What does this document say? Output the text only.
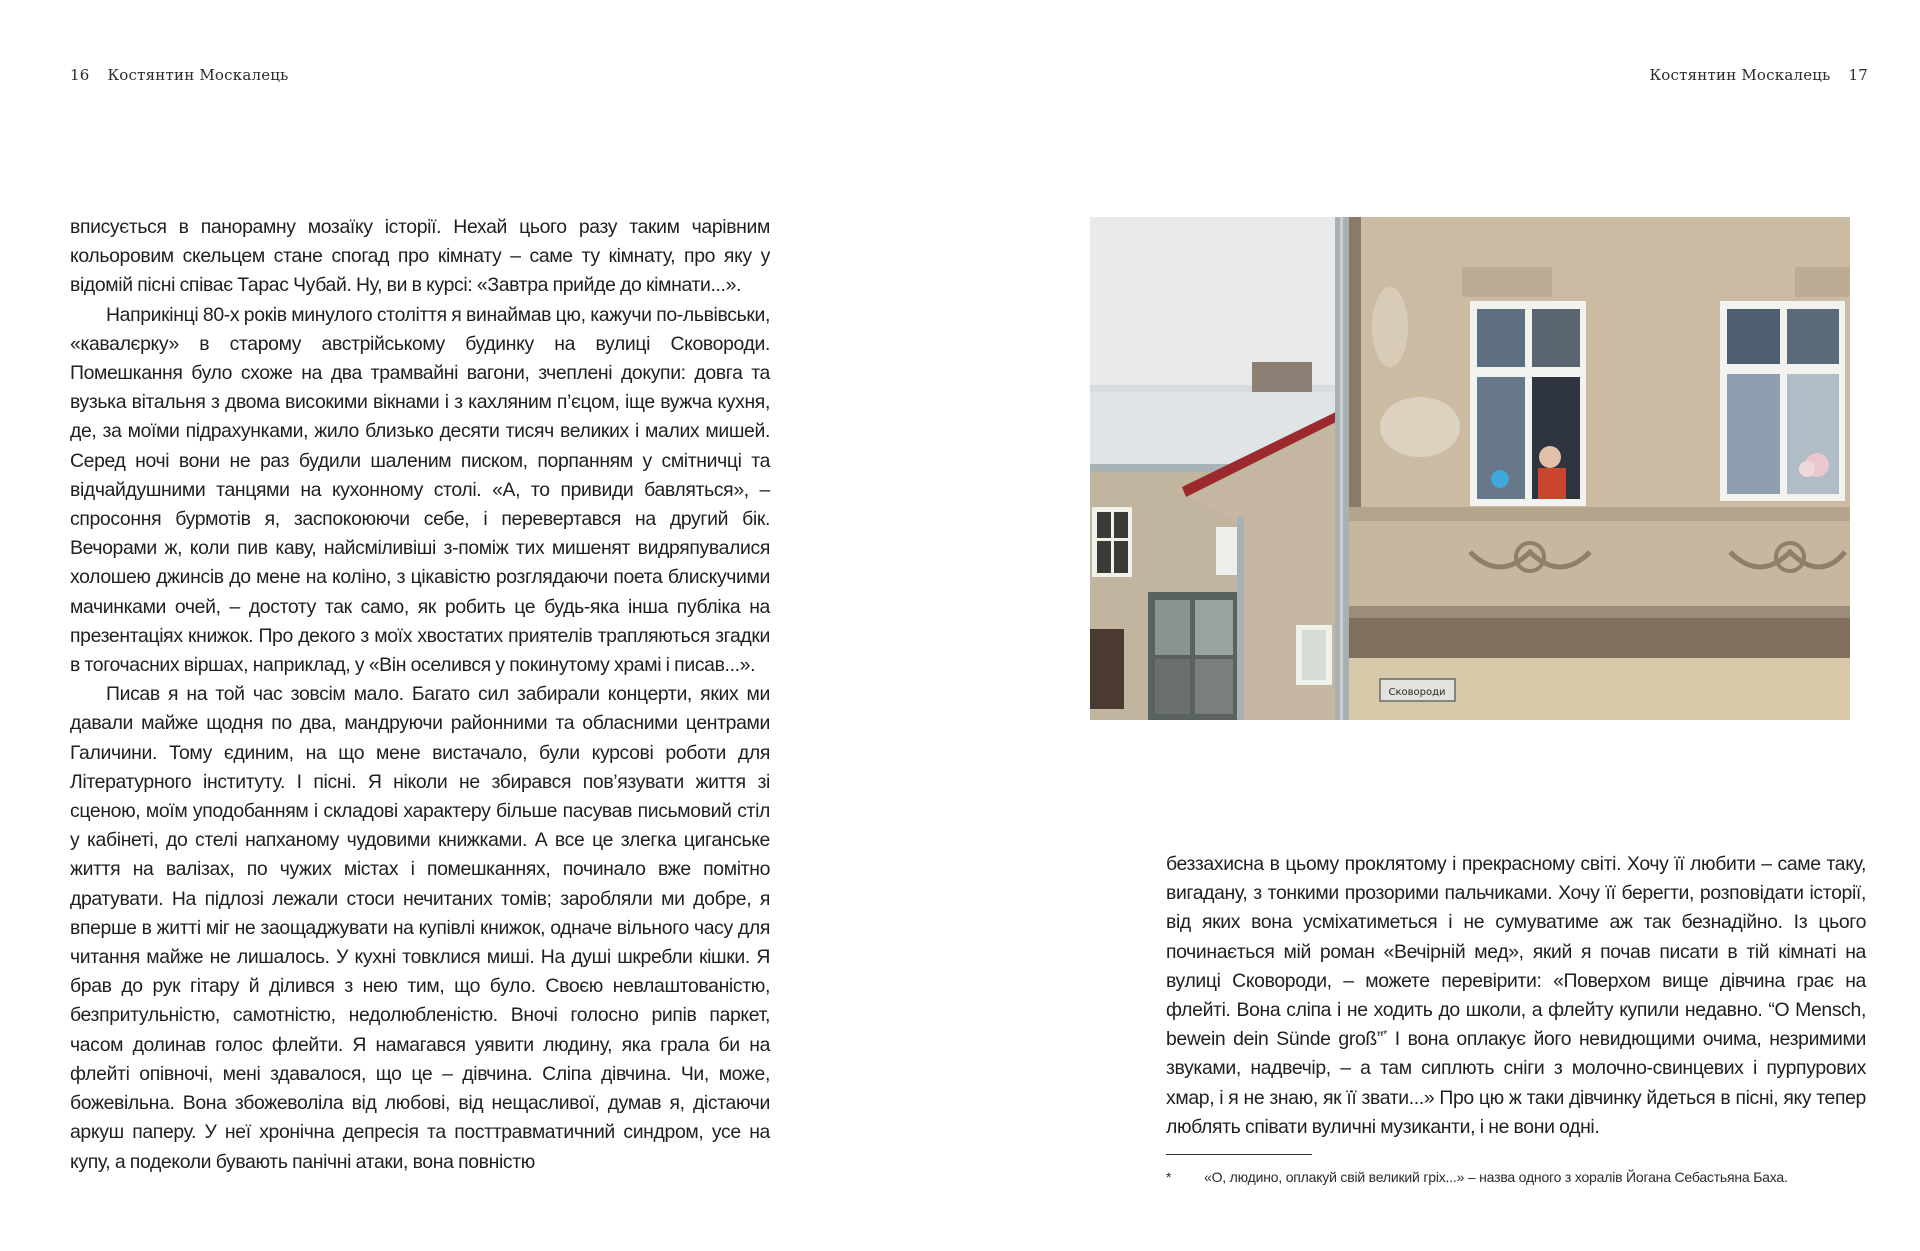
16 Костянтин Москалець

вписується в панорамну мозаїку історії. Нехай цього разу таким чарівним кольоровим скельцем стане спогад про кімнату – саме ту кімнату, про яку у відомій пісні співає Тарас Чубай. Ну, ви в курсі: «Завтра прийде до кімнати...».

Наприкінці 80-х років минулого століття я винаймав цю, кажучи по-львівськи, «кавалєрку» в старому австрійському будинку на вулиці Сковороди. Помешкання було схоже на два трамвайні вагони, зчеплені докупи: довга та вузька вітальня з двома високими вікнами і з кахляним п’єцом, іще вужча кухня, де, за моїми підрахунками, жило близько десяти тисяч великих і малих мишей. Серед ночі вони не раз будили шаленим писком, порпанням у смітничці та відчайдушними танцями на кухонному столі. «А, то привиди бавляться», – спросоння бурмотів я, заспокоюючи себе, і перевертався на другий бік. Вечорами ж, коли пив каву, найсміливіші з-поміж тих мишенят видряпувалися холошею джинсів до мене на коліно, з цікавістю розглядаючи поета блискучими мачинками очей, – достоту так само, як робить це будь-яка інша публіка на презентаціях книжок. Про декого з моїх хвостатих приятелів трапляються згадки в тогочасних віршах, наприклад, у «Він оселився у покинутому храмі і писав...».

Писав я на той час зовсім мало. Багато сил забирали концерти, яких ми давали майже щодня по два, мандруючи районними та обласними центрами Галичини. Тому єдиним, на що мене вистачало, були курсові роботи для Літературного інституту. І пісні. Я ніколи не збирався пов’язувати життя зі сценою, моїм уподобанням і складові характеру більше пасував письмовий стіл у кабінеті, до стелі напханому чудовими книжками. А все це злегка циганське життя на валізах, по чужих містах і помешканнях, починало вже помітно дратувати. На підлозі лежали стоси нечитаних томів; заробляли ми добре, я вперше в житті міг не заощаджувати на купівлі книжок, одначе вільного часу для читання майже не лишалось. У кухні товклися миші. На душі шкребли кішки. Я брав до рук гітару й ділився з нею тим, що було. Своєю невлаштованістю, безпритульністю, самотністю, недолюбленістю. Вночі голосно рипів паркет, часом долинав голос флейти. Я намагався уявити людину, яка грала би на флейті опівночі, мені здавалося, що це – дівчина. Сліпа дівчина. Чи, може, божевільна. Вона збожеволіла від любові, від нещасливої, думав я, дістаючи аркуш паперу. У неї хронічна депресія та посттравматичний синдром, усе на купу, а подеколи бувають панічні атаки, вона повністю

Костянтин Москалець 17
Сковороди

беззахисна в цьому проклятому і прекрасному світі. Хочу її любити – саме таку, вигадану, з тонкими прозорими пальчиками. Хочу її берегти, розповідати історії, від яких вона усміхатиметься і не сумуватиме аж так безнадійно. Із цього починається мій роман «Вечірній мед», який я почав писати в тій кімнаті на вулиці Сковороди, – можете перевірити: «Поверхом вище дівчина грає на флейті. Вона сліпа і не ходить до школи, а флейту купили недавно. “O Mensch, bewein dein Sünde groß”* І вона оплакує його невидющими очима, незримими звуками, надвечір, – а там сиплють сніги з молочно-свинцевих і пурпурових хмар, і я не знаю, як її звати...» Про цю ж таки дівчинку йдеться в пісні, яку тепер люблять співати вуличні музиканти, і не вони одні.

* «О, людино, оплакуй свій великий гріх...» – назва одного з хоралів Йогана Себастьяна Баха.
